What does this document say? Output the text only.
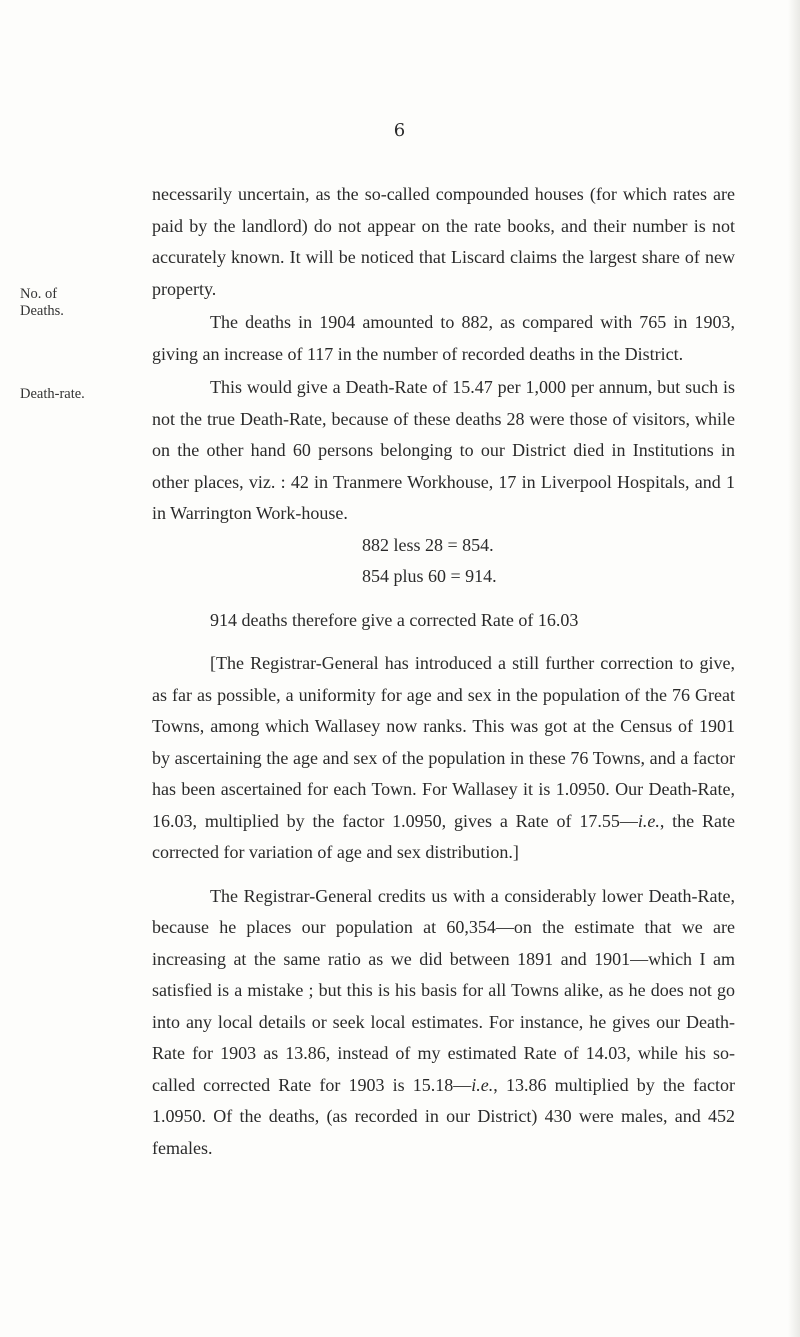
6
No. of
Deaths.
Death-rate.

necessarily uncertain, as the so-called compounded houses (for which rates are paid by the landlord) do not appear on the rate books, and their number is not accurately known. It will be noticed that Liscard claims the largest share of new property.

The deaths in 1904 amounted to 882, as compared with 765 in 1903, giving an increase of 117 in the number of recorded deaths in the District.

This would give a Death-Rate of 15.47 per 1,000 per annum, but such is not the true Death-Rate, because of these deaths 28 were those of visitors, while on the other hand 60 persons belonging to our District died in Institutions in other places, viz. : 42 in Tranmere Workhouse, 17 in Liverpool Hospitals, and 1 in Warrington Work-house.

882 less 28 = 854.

854 plus 60 = 914.

914 deaths therefore give a corrected Rate of 16.03

[The Registrar-General has introduced a still further correction to give, as far as possible, a uniformity for age and sex in the population of the 76 Great Towns, among which Wallasey now ranks. This was got at the Census of 1901 by ascertaining the age and sex of the population in these 76 Towns, and a factor has been ascertained for each Town. For Wallasey it is 1.0950. Our Death-Rate, 16.03, multiplied by the factor 1.0950, gives a Rate of 17.55—i.e., the Rate corrected for variation of age and sex distribution.]

The Registrar-General credits us with a considerably lower Death-Rate, because he places our population at 60,354—on the estimate that we are increasing at the same ratio as we did between 1891 and 1901—which I am satisfied is a mistake ; but this is his basis for all Towns alike, as he does not go into any local details or seek local estimates. For instance, he gives our Death-Rate for 1903 as 13.86, instead of my estimated Rate of 14.03, while his so-called corrected Rate for 1903 is 15.18—i.e., 13.86 multiplied by the factor 1.0950. Of the deaths, (as recorded in our District) 430 were males, and 452 females.
